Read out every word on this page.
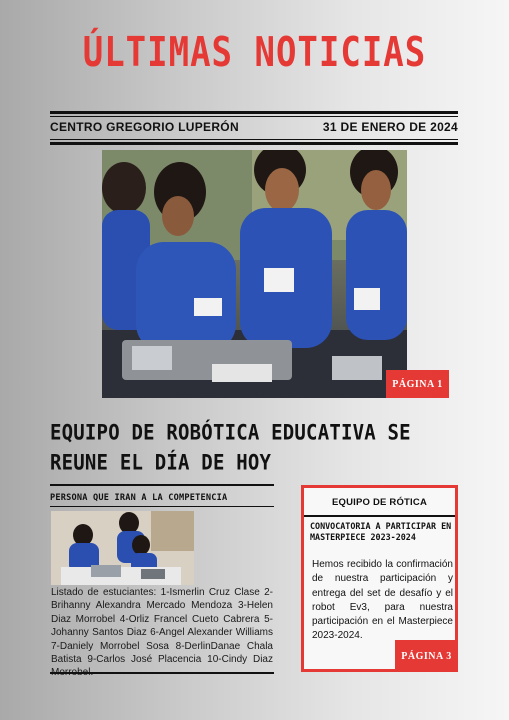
ÚLTIMAS NOTICIAS
CENTRO GREGORIO LUPERÓN	31 DE ENERO DE 2024
PÁGINA 1
EQUIPO DE ROBÓTICA EDUCATIVA SE
REUNE EL DÍA DE HOY
PERSONA QUE IRAN A LA COMPETENCIA
Listado de estuciantes: 1-Ismerlin Cruz Clase 2-Brihanny Alexandra Mercado Mendoza 3-Helen Diaz Morrobel 4-Orliz Francel Cueto Cabrera 5-Johanny Santos Diaz 6-Angel Alexander Williams 7-Daniely Morrobel Sosa 8-DerlinDanae Chala Batista 9-Carlos José Placencia 10-Cindy Diaz
EQUIPO DE RÓTICA
CONVOCATORIA A PARTICIPAR EN MASTERPIECE 2023-2024
Hemos recibido la confirmación de nuestra participación y entrega del set de desafío y el robot Ev3, para nuestra participación en el Masterpiece 2023-2024.
PÁGINA 3
